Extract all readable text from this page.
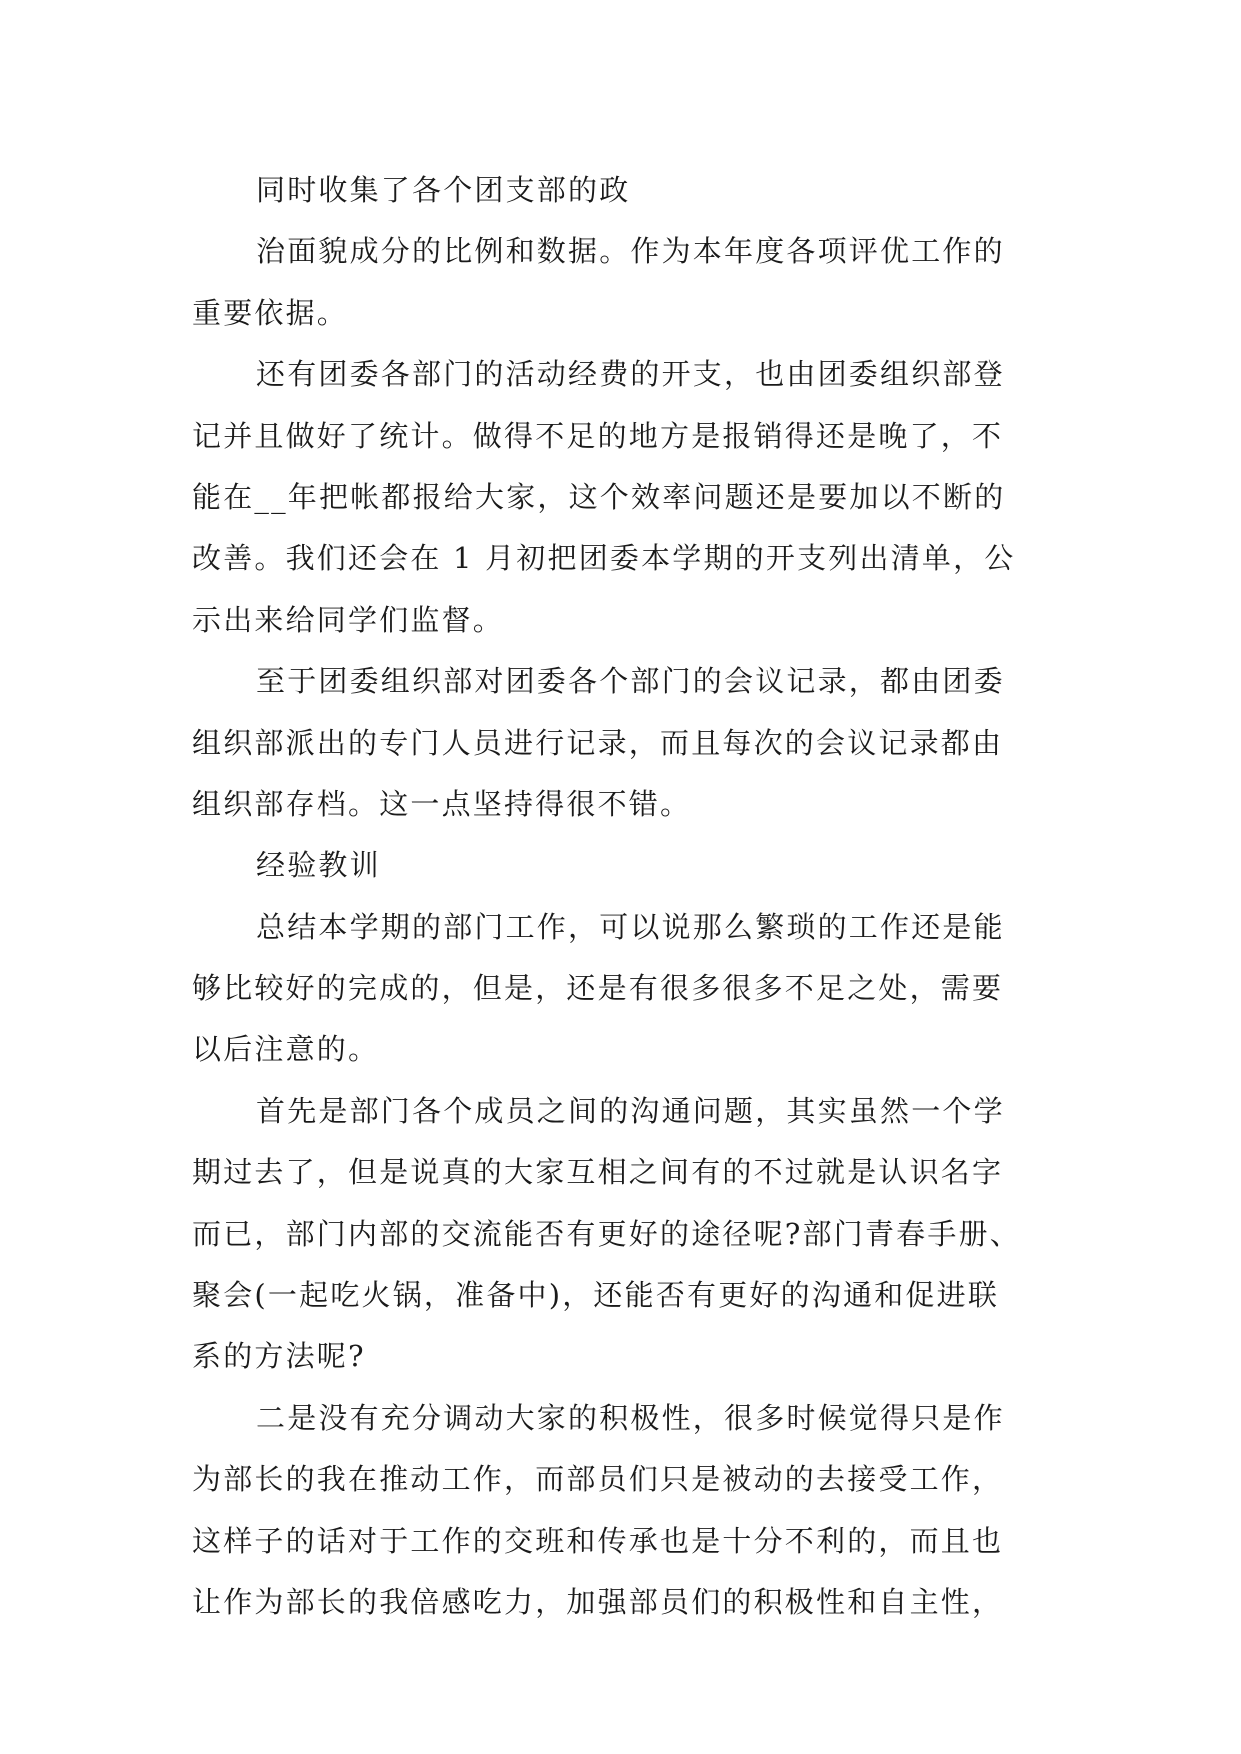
同时收集了各个团支部的政
治面貌成分的比例和数据。作为本年度各项评优工作的
重要依据。
还有团委各部门的活动经费的开支，也由团委组织部登
记并且做好了统计。做得不足的地方是报销得还是晚了，不
能在__年把帐都报给大家，这个效率问题还是要加以不断的
改善。我们还会在 1 月初把团委本学期的开支列出清单，公
示出来给同学们监督。
至于团委组织部对团委各个部门的会议记录，都由团委
组织部派出的专门人员进行记录，而且每次的会议记录都由
组织部存档。这一点坚持得很不错。
经验教训
总结本学期的部门工作，可以说那么繁琐的工作还是能
够比较好的完成的，但是，还是有很多很多不足之处，需要
以后注意的。
首先是部门各个成员之间的沟通问题，其实虽然一个学
期过去了，但是说真的大家互相之间有的不过就是认识名字
而已，部门内部的交流能否有更好的途径呢?部门青春手册、
聚会(一起吃火锅，准备中)，还能否有更好的沟通和促进联
系的方法呢?
二是没有充分调动大家的积极性，很多时候觉得只是作
为部长的我在推动工作，而部员们只是被动的去接受工作，
这样子的话对于工作的交班和传承也是十分不利的，而且也
让作为部长的我倍感吃力，加强部员们的积极性和自主性，
